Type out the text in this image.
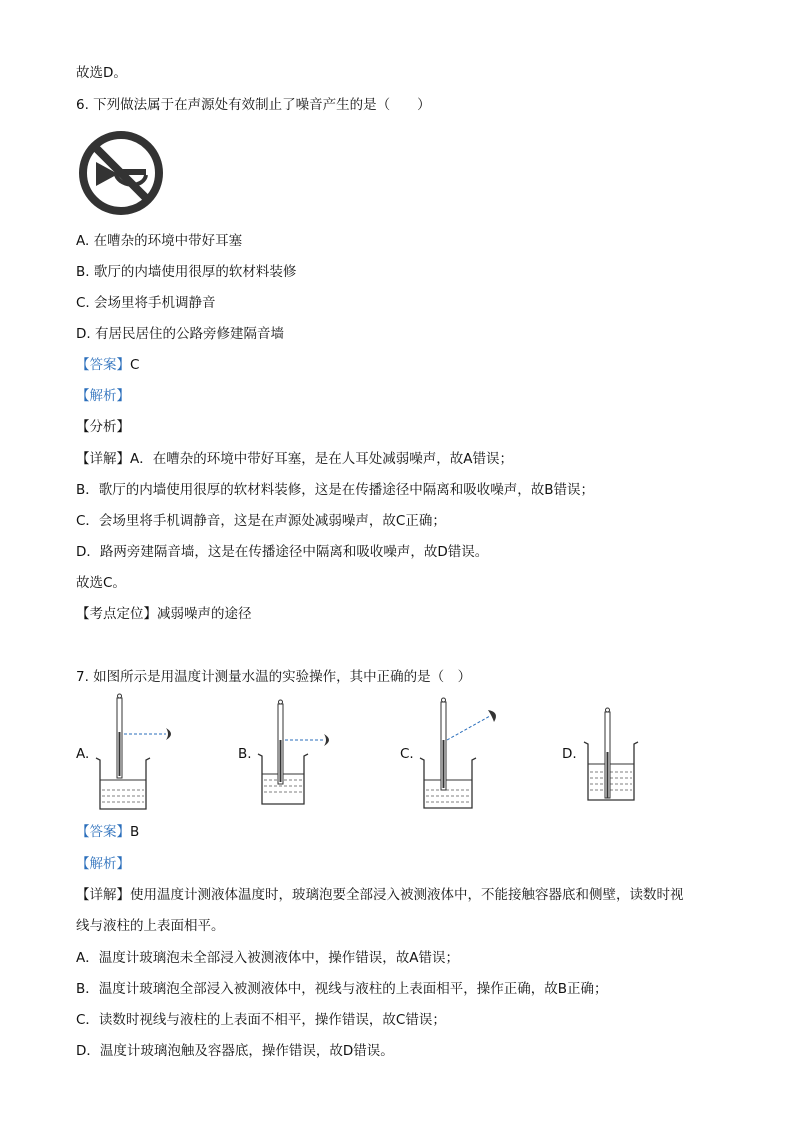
故选D。
6. 下列做法属于在声源处有效制止了噪音产生的是（　　）
A. 在嘈杂的环境中带好耳塞
B. 歌厅的内墙使用很厚的软材料装修
C. 会场里将手机调静音
D. 有居民居住的公路旁修建隔音墙
【答案】C
【解析】
【分析】
【详解】A．在嘈杂的环境中带好耳塞，是在人耳处减弱噪声，故A错误；
B．歌厅的内墙使用很厚的软材料装修，这是在传播途径中隔离和吸收噪声，故B错误；
C．会场里将手机调静音，这是在声源处减弱噪声，故C正确；
D．路两旁建隔音墙，这是在传播途径中隔离和吸收噪声，故D错误。
故选C。
【考点定位】减弱噪声的途径
7. 如图所示是用温度计测量水温的实验操作，其中正确的是（　）
A.	B.	C.	D.
【答案】B
【解析】
【详解】使用温度计测液体温度时，玻璃泡要全部浸入被测液体中，不能接触容器底和侧壁，读数时视
线与液柱的上表面相平。
A．温度计玻璃泡未全部浸入被测液体中，操作错误，故A错误；
B．温度计玻璃泡全部浸入被测液体中，视线与液柱的上表面相平，操作正确，故B正确；
C．读数时视线与液柱的上表面不相平，操作错误，故C错误；
D．温度计玻璃泡触及容器底，操作错误，故D错误。
